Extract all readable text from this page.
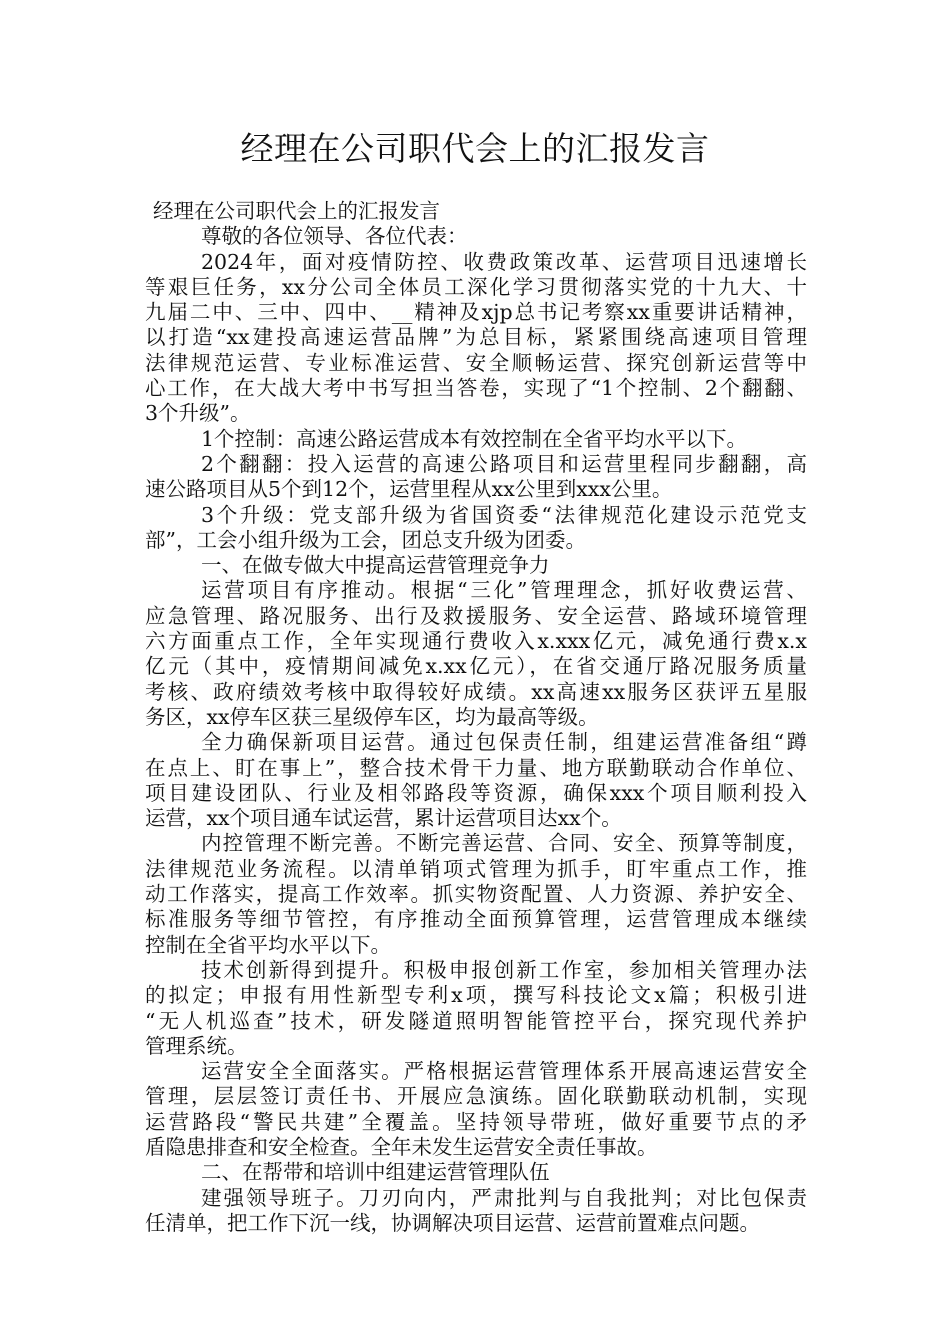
经理在公司职代会上的汇报发言
经理在公司职代会上的汇报发言
尊敬的各位领导、各位代表：
2024年，面对疫情防控、收费政策改革、运营项目迅速增长
等艰巨任务，xx分公司全体员工深化学习贯彻落实党的十九大、十
九届二中、三中、四中、__精神及xjp总书记考察xx重要讲话精神，
以打造“xx建投高速运营品牌”为总目标，紧紧围绕高速项目管理
法律规范运营、专业标准运营、安全顺畅运营、探究创新运营等中
心工作，在大战大考中书写担当答卷，实现了“1个控制、2个翻翻、
3个升级”。
1个控制：高速公路运营成本有效控制在全省平均水平以下。
2个翻翻：投入运营的高速公路项目和运营里程同步翻翻，高
速公路项目从5个到12个，运营里程从xx公里到xxx公里。
3个升级：党支部升级为省国资委“法律规范化建设示范党支
部”，工会小组升级为工会，团总支升级为团委。
一、在做专做大中提高运营管理竞争力
运营项目有序推动。根据“三化”管理理念，抓好收费运营、
应急管理、路况服务、出行及救援服务、安全运营、路域环境管理
六方面重点工作，全年实现通行费收入x.xxx亿元，减免通行费x.x
亿元（其中，疫情期间减免x.xx亿元），在省交通厅路况服务质量
考核、政府绩效考核中取得较好成绩。xx高速xx服务区获评五星服
务区，xx停车区获三星级停车区，均为最高等级。
全力确保新项目运营。通过包保责任制，组建运营准备组“蹲
在点上、盯在事上”，整合技术骨干力量、地方联勤联动合作单位、
项目建设团队、行业及相邻路段等资源，确保xxx个项目顺利投入
运营，xx个项目通车试运营，累计运营项目达xx个。
内控管理不断完善。不断完善运营、合同、安全、预算等制度，
法律规范业务流程。以清单销项式管理为抓手，盯牢重点工作，推
动工作落实，提高工作效率。抓实物资配置、人力资源、养护安全、
标准服务等细节管控，有序推动全面预算管理，运营管理成本继续
控制在全省平均水平以下。
技术创新得到提升。积极申报创新工作室，参加相关管理办法
的拟定；申报有用性新型专利x项，撰写科技论文x篇；积极引进
“无人机巡查”技术，研发隧道照明智能管控平台，探究现代养护
管理系统。
运营安全全面落实。严格根据运营管理体系开展高速运营安全
管理，层层签订责任书、开展应急演练。固化联勤联动机制，实现
运营路段“警民共建”全覆盖。坚持领导带班，做好重要节点的矛
盾隐患排查和安全检查。全年未发生运营安全责任事故。
二、在帮带和培训中组建运营管理队伍
建强领导班子。刀刃向内，严肃批判与自我批判；对比包保责
任清单，把工作下沉一线，协调解决项目运营、运营前置难点问题。
